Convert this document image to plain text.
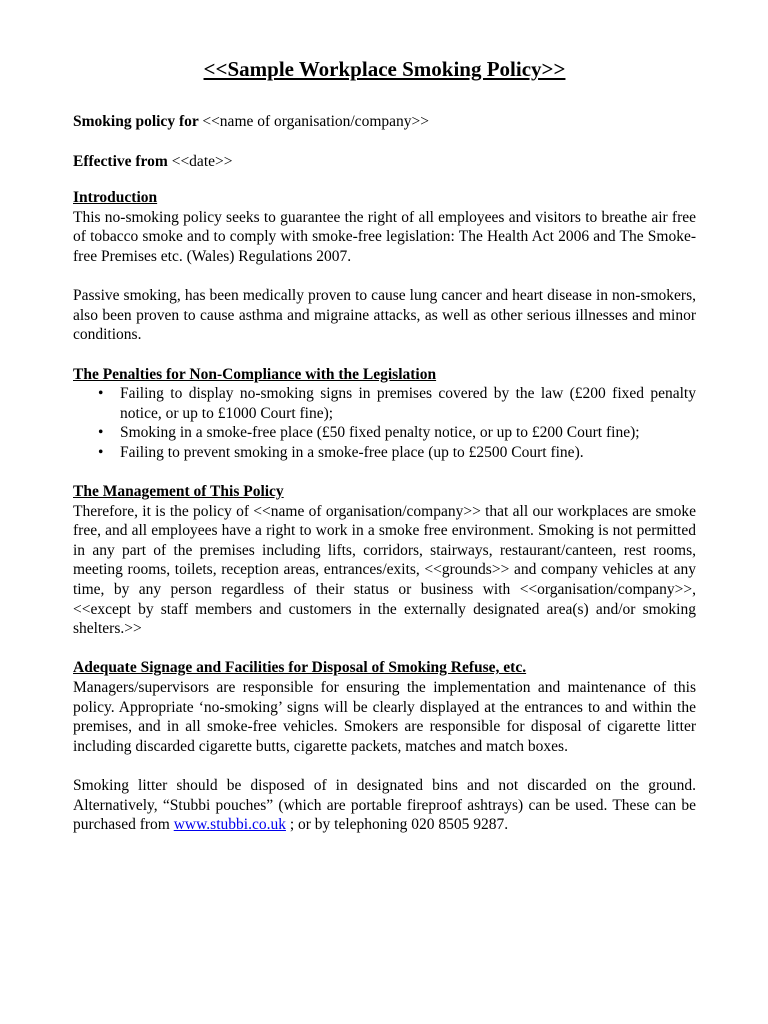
<<Sample Workplace Smoking Policy>>

Smoking policy for <<name of organisation/company>>

Effective from <<date>>

Introduction

This no-smoking policy seeks to guarantee the right of all employees and visitors to breathe air free of tobacco smoke and to comply with smoke-free legislation: The Health Act 2006 and The Smoke-free Premises etc. (Wales) Regulations 2007.

Passive smoking, has been medically proven to cause lung cancer and heart disease in non-smokers, also been proven to cause asthma and migraine attacks, as well as other serious illnesses and minor conditions.

The Penalties for Non-Compliance with the Legislation

• Failing to display no-smoking signs in premises covered by the law (£200 fixed penalty notice, or up to £1000 Court fine);
• Smoking in a smoke-free place (£50 fixed penalty notice, or up to £200 Court fine);
• Failing to prevent smoking in a smoke-free place (up to £2500 Court fine).

The Management of This Policy

Therefore, it is the policy of <<name of organisation/company>> that all our workplaces are smoke free, and all employees have a right to work in a smoke free environment. Smoking is not permitted in any part of the premises including lifts, corridors, stairways, restaurant/canteen, rest rooms, meeting rooms, toilets, reception areas, entrances/exits, <<grounds>> and company vehicles at any time, by any person regardless of their status or business with <<organisation/company>>, <<except by staff members and customers in the externally designated area(s) and/or smoking shelters.>>

Adequate Signage and Facilities for Disposal of Smoking Refuse, etc.

Managers/supervisors are responsible for ensuring the implementation and maintenance of this policy. Appropriate ‘no-smoking’ signs will be clearly displayed at the entrances to and within the premises, and in all smoke-free vehicles. Smokers are responsible for disposal of cigarette litter including discarded cigarette butts, cigarette packets, matches and match boxes.

Smoking litter should be disposed of in designated bins and not discarded on the ground. Alternatively, “Stubbi pouches” (which are portable fireproof ashtrays) can be used. These can be purchased from www.stubbi.co.uk ; or by telephoning 020 8505 9287.
